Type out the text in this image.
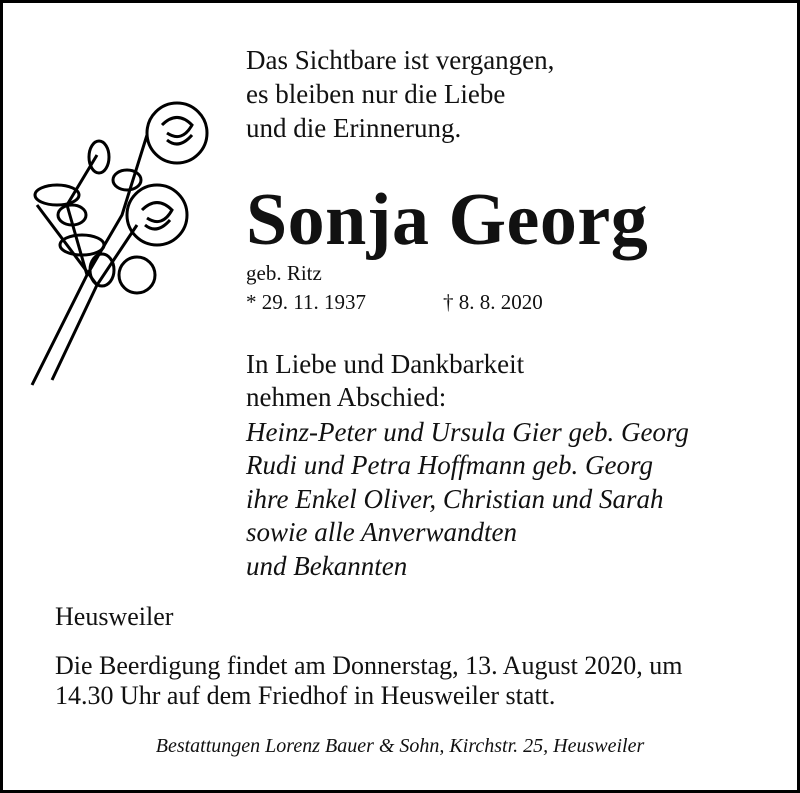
Das Sichtbare ist vergangen,
es bleiben nur die Liebe
und die Erinnerung.
Sonja Georg
geb. Ritz
* 29. 11. 1937	† 8. 8. 2020
In Liebe und Dankbarkeit
nehmen Abschied:
Heinz-Peter und Ursula Gier geb. Georg
Rudi und Petra Hoffmann geb. Georg
ihre Enkel Oliver, Christian und Sarah
sowie alle Anverwandten
und Bekannten
Heusweiler
Die Beerdigung findet am Donnerstag, 13. August 2020, um
14.30 Uhr auf dem Friedhof in Heusweiler statt.
Bestattungen Lorenz Bauer & Sohn, Kirchstr. 25, Heusweiler
